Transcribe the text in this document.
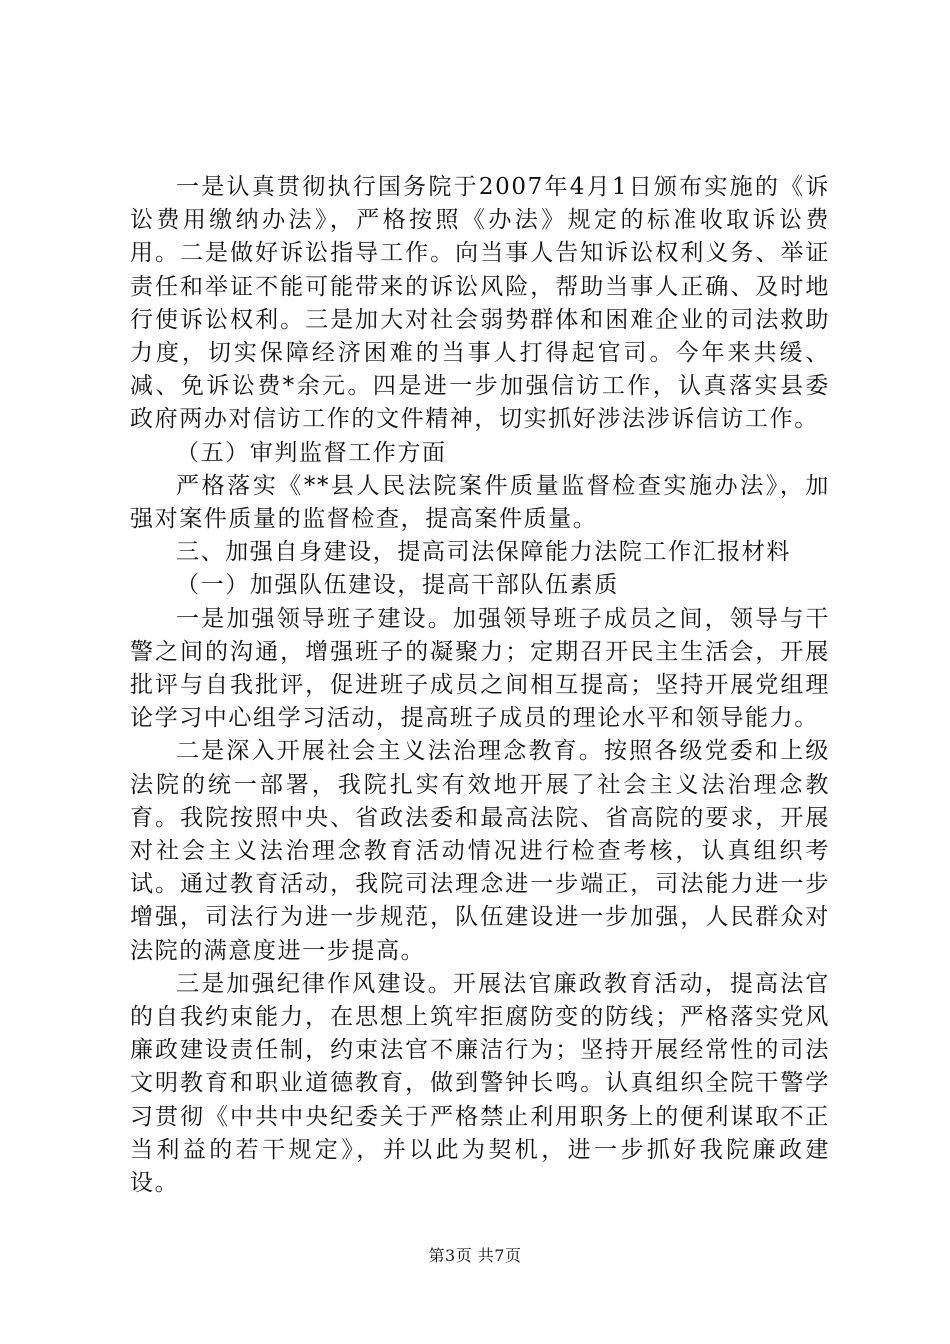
一是认真贯彻执行国务院于2007年4月1日颁布实施的《诉讼费用缴纳办法》，严格按照《办法》规定的标准收取诉讼费用。二是做好诉讼指导工作。向当事人告知诉讼权利义务、举证责任和举证不能可能带来的诉讼风险，帮助当事人正确、及时地行使诉讼权利。三是加大对社会弱势群体和困难企业的司法救助力度，切实保障经济困难的当事人打得起官司。今年来共缓、减、免诉讼费*余元。四是进一步加强信访工作，认真落实县委政府两办对信访工作的文件精神，切实抓好涉法涉诉信访工作。

（五）审判监督工作方面

严格落实《**县人民法院案件质量监督检查实施办法》，加强对案件质量的监督检查，提高案件质量。

三、加强自身建设，提高司法保障能力法院工作汇报材料

（一）加强队伍建设，提高干部队伍素质

一是加强领导班子建设。加强领导班子成员之间，领导与干警之间的沟通，增强班子的凝聚力；定期召开民主生活会，开展批评与自我批评，促进班子成员之间相互提高；坚持开展党组理论学习中心组学习活动，提高班子成员的理论水平和领导能力。

二是深入开展社会主义法治理念教育。按照各级党委和上级法院的统一部署，我院扎实有效地开展了社会主义法治理念教育。我院按照中央、省政法委和最高法院、省高院的要求，开展对社会主义法治理念教育活动情况进行检查考核，认真组织考试。通过教育活动，我院司法理念进一步端正，司法能力进一步增强，司法行为进一步规范，队伍建设进一步加强，人民群众对法院的满意度进一步提高。

三是加强纪律作风建设。开展法官廉政教育活动，提高法官的自我约束能力，在思想上筑牢拒腐防变的防线；严格落实党风廉政建设责任制，约束法官不廉洁行为；坚持开展经常性的司法文明教育和职业道德教育，做到警钟长鸣。认真组织全院干警学习贯彻《中共中央纪委关于严格禁止利用职务上的便利谋取不正当利益的若干规定》，并以此为契机，进一步抓好我院廉政建设。

第3页 共7页
